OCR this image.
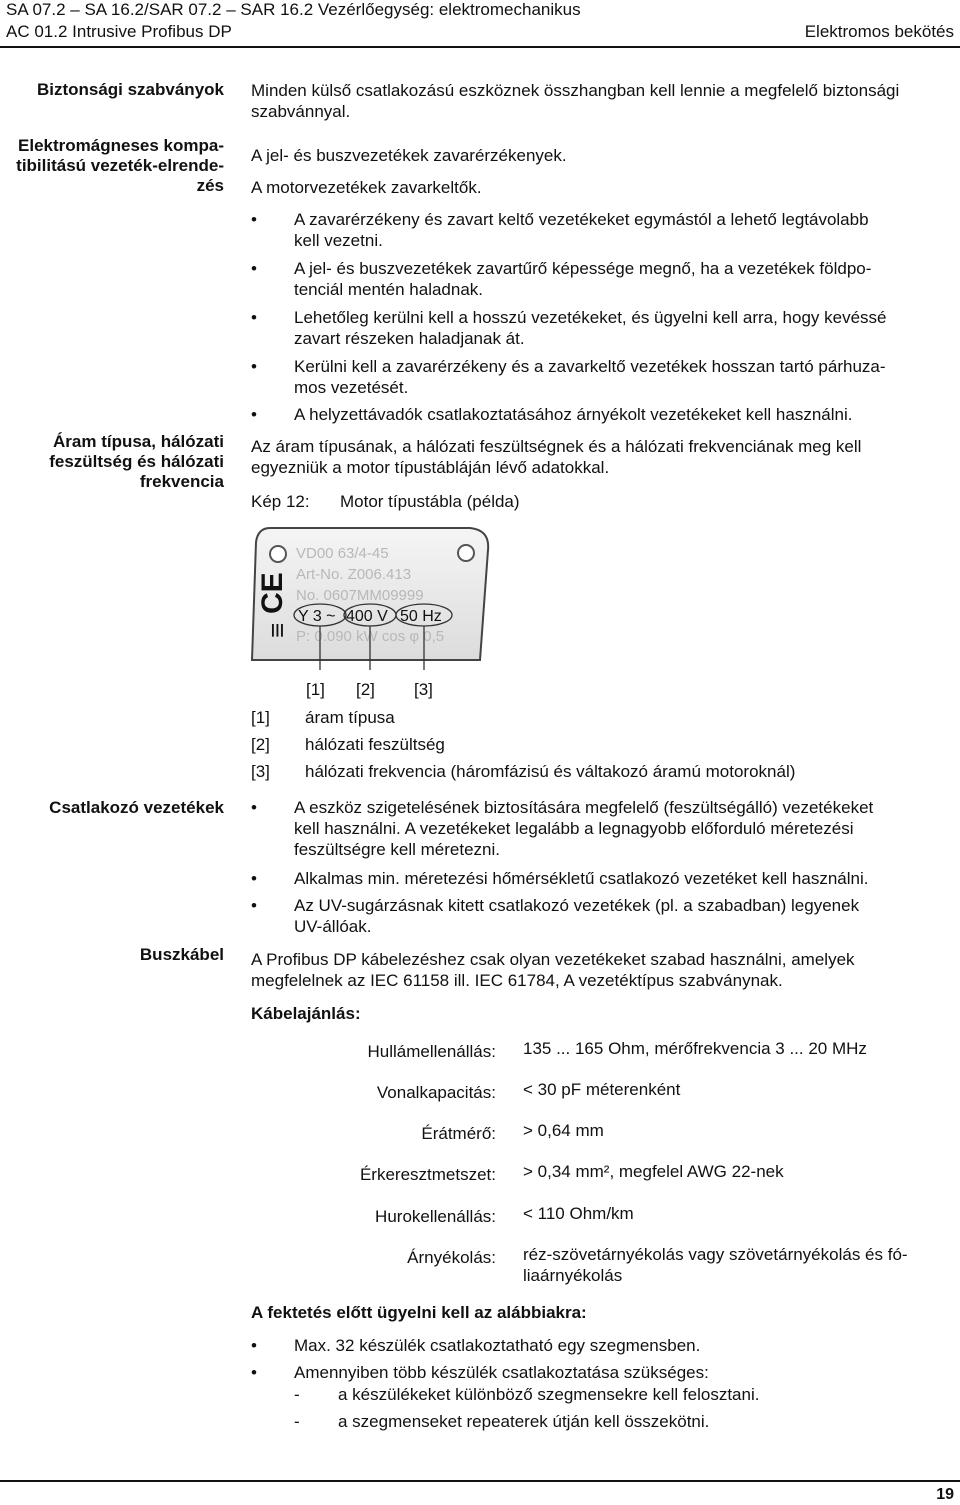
SA 07.2 – SA 16.2/SAR 07.2 – SAR 16.2 Vezérlőegység: elektromechanikus
AC 01.2 Intrusive Profibus DP	Elektromos bekötés
Biztonsági szabványok
Elektromágneses kompa-
tibilitású vezeték-elrende-
zés
Áram típusa, hálózati
feszültség és hálózati
frekvencia
Csatlakozó vezetékek
Buszkábel
Minden külső csatlakozású eszköznek összhangban kell lennie a megfelelő biztonsági
szabvánnyal.
A jel- és buszvezetékek zavarérzékenyek.
A motorvezetékek zavarkeltők.
• A zavarérzékeny és zavart keltő vezetékeket egymástól a lehető legtávolabb
kell vezetni.
• A jel- és buszvezetékek zavartűrő képessége megnő, ha a vezetékek földpo-
tenciál mentén haladnak.
• Lehetőleg kerülni kell a hosszú vezetékeket, és ügyelni kell arra, hogy kevéssé
zavart részeken haladjanak át.
• Kerülni kell a zavarérzékeny és a zavarkeltő vezetékek hosszan tartó párhuza-
mos vezetését.
• A helyzettávadók csatlakoztatásához árnyékolt vezetékeket kell használni.
Az áram típusának, a hálózati feszültségnek és a hálózati frekvenciának meg kell
egyezniük a motor típustábláján lévő adatokkal.
Kép 12: Motor típustábla (példa)
CE
≡
VD00 63/4-45
Art-No. Z006.413
No. 0607MM09999
Y 3 ~ 400 V 50 Hz
P: 0.090 kW cos φ 0,5
[1] [2] [3]
[1] áram típusa
[2] hálózati feszültség
[3] hálózati frekvencia (háromfázisú és váltakozó áramú motoroknál)
• A eszköz szigetelésének biztosítására megfelelő (feszültségálló) vezetékeket
kell használni. A vezetékeket legalább a legnagyobb előforduló méretezési
feszültségre kell méretezni.
• Alkalmas min. méretezési hőmérsékletű csatlakozó vezetéket kell használni.
• Az UV-sugárzásnak kitett csatlakozó vezetékek (pl. a szabadban) legyenek
UV-állóak.
A Profibus DP kábelezéshez csak olyan vezetékeket szabad használni, amelyek
megfelelnek az IEC 61158 ill. IEC 61784, A vezetéktípus szabványnak.
Kábelajánlás:
Hullámellenállás: 135 ... 165 Ohm, mérőfrekvencia 3 ... 20 MHz
Vonalkapacitás: < 30 pF méterenként
Érátmérő: > 0,64 mm
Érkeresztmetszet: > 0,34 mm², megfelel AWG 22-nek
Hurokellenállás: < 110 Ohm/km
Árnyékolás: réz-szövetárnyékolás vagy szövetárnyékolás és fó-
liaárnyékolás
A fektetés előtt ügyelni kell az alábbiakra:
• Max. 32 készülék csatlakoztatható egy szegmensben.
• Amennyiben több készülék csatlakoztatása szükséges:
- a készülékeket különböző szegmensekre kell felosztani.
- a szegmenseket repeaterek útján kell összekötni.
19
